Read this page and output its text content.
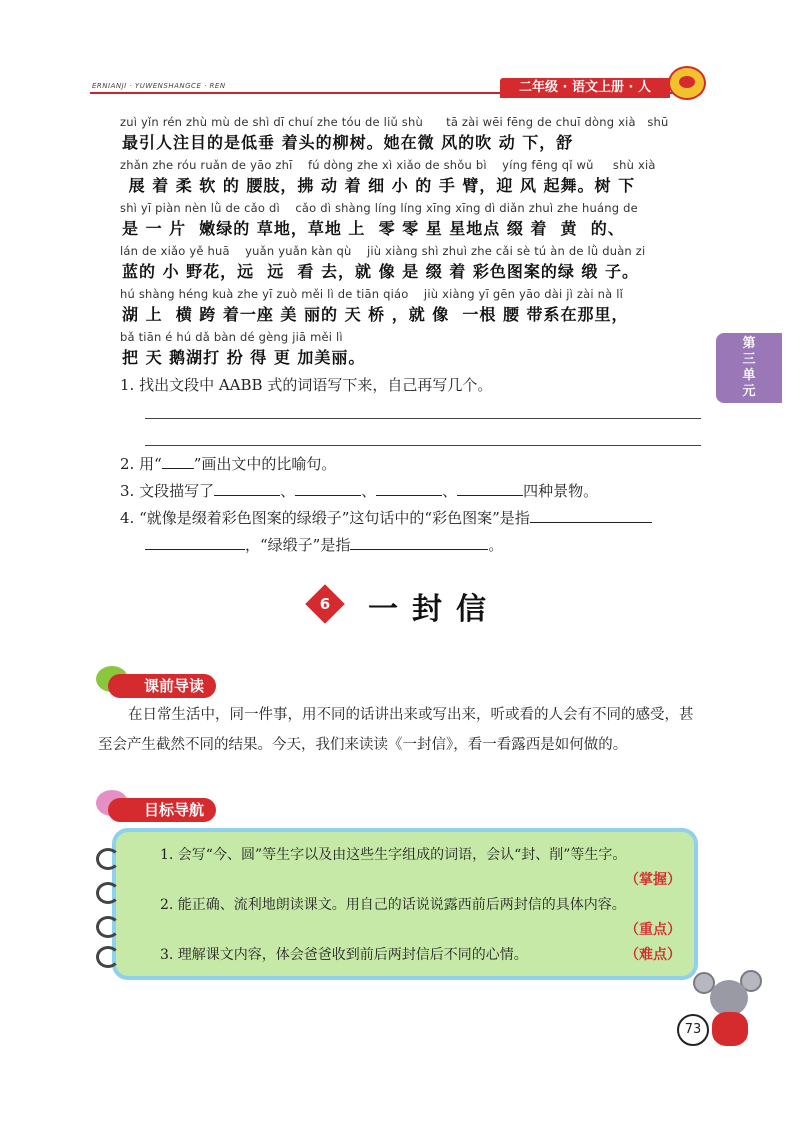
ERNIANJI · YUWENSHANGCE · REN	二年级 · 语文上册 · 人
第
三
单
元
zuì yǐn rén zhù mù de shì dī chuí zhe tóu de liǔ shù      tā zài wēi fēng de chuī dòng xià   shū
最引人注目的是低垂 着头的柳树。她在微 风的吹 动 下，舒
zhǎn zhe róu ruǎn de yāo zhī    fú dòng zhe xì xiǎo de shǒu bì    yíng fēng qǐ wǔ     shù xià
展 着 柔 软 的 腰肢，拂 动 着 细 小 的 手 臂，迎 风 起舞。树 下
shì yī piàn nèn lǜ de cǎo dì    cǎo dì shàng líng líng xīng xīng dì diǎn zhuì zhe huáng de
是 一 片  嫩绿的 草地，草地 上  零 零 星 星地点 缀 着  黄  的、
lán de xiǎo yě huā    yuǎn yuǎn kàn qù    jiù xiàng shì zhuì zhe cǎi sè tú àn de lǜ duàn zi
蓝的 小 野花，远  远  看 去，就 像 是 缀 着 彩色图案的绿 缎 子。
hú shàng héng kuà zhe yī zuò měi lì de tiān qiáo    jiù xiàng yī gēn yāo dài jì zài nà lǐ
湖 上  横 跨 着一座 美 丽的 天 桥 ，就 像  一根 腰 带系在那里，
bǎ tiān é hú dǎ bàn dé gèng jiā měi lì
把 天 鹅湖打 扮 得 更 加美丽。
1. 找出文段中 AABB 式的词语写下来，自己再写几个。
2. 用“ ”画出文中的比喻句。
3. 文段描写了	、	、	、	四种景物。
4. “就像是缀着彩色图案的绿缎子”这句话中的“彩色图案”是指
，“绿缎子”是指	。
6 一封信
课前导读
在日常生活中，同一件事，用不同的话讲出来或写出来，听或看的人会有不同的感受，甚至会产生截然不同的结果。今天，我们来读读《一封信》，看一看露西是如何做的。
目标导航
1. 会写“今、圆”等生字以及由这些生字组成的词语，会认“封、削”等生字。
（掌握）
2. 能正确、流利地朗读课文。用自己的话说说露西前后两封信的具体内容。
（重点）
3. 理解课文内容，体会爸爸收到前后两封信后不同的心情。	（难点）
73
